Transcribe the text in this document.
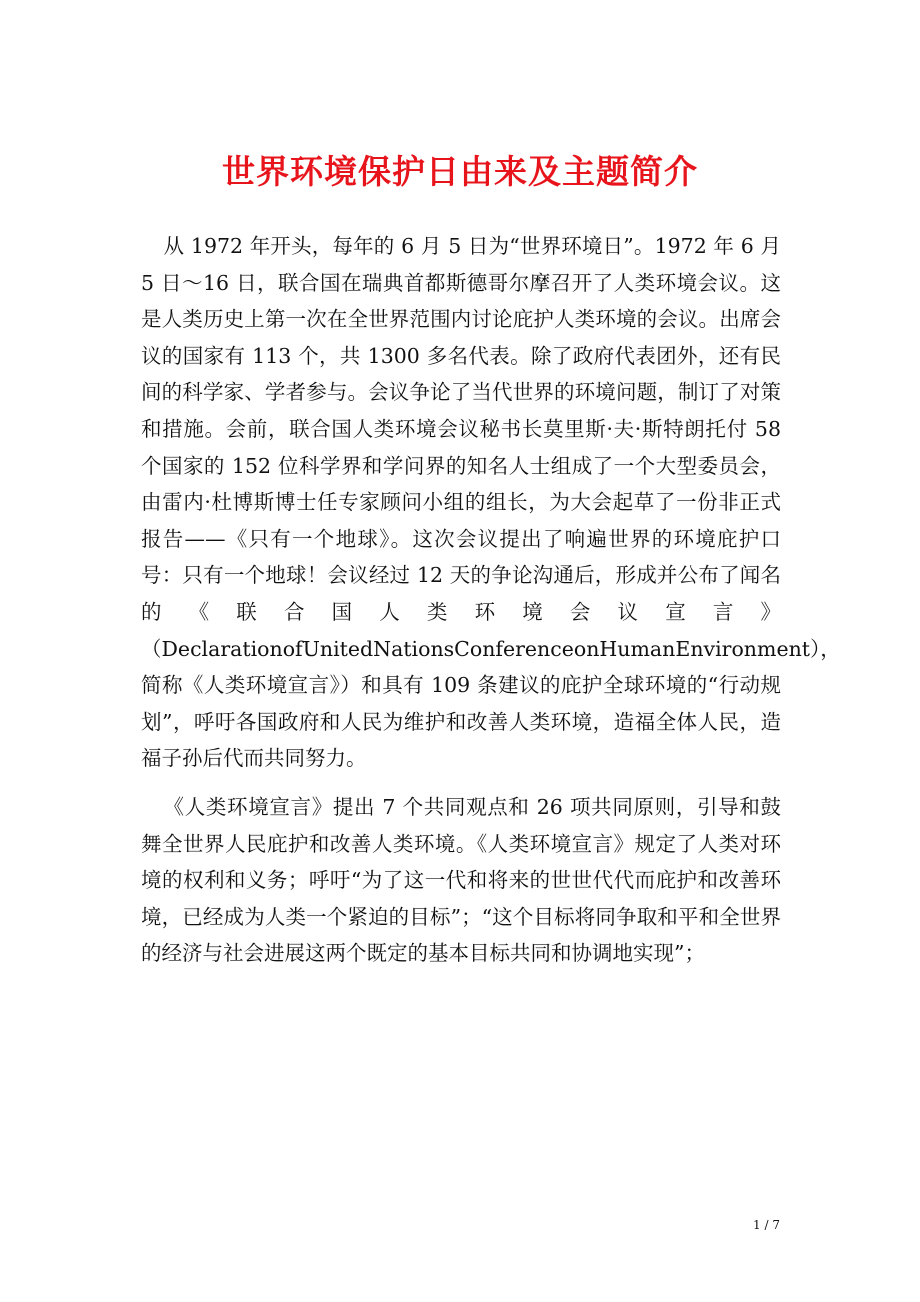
世界环境保护日由来及主题简介

从 1972 年开头，每年的 6 月 5 日为“世界环境日”。1972 年 6 月 5 日～16 日，联合国在瑞典首都斯德哥尔摩召开了人类环境会议。这是人类历史上第一次在全世界范围内讨论庇护人类环境的会议。出席会议的国家有 113 个，共 1300 多名代表。除了政府代表团外，还有民间的科学家、学者参与。会议争论了当代世界的环境问题，制订了对策和措施。会前，联合国人类环境会议秘书长莫里斯·夫·斯特朗托付 58 个国家的 152 位科学界和学问界的知名人士组成了一个大型委员会，由雷内·杜博斯博士任专家顾问小组的组长，为大会起草了一份非正式报告——《只有一个地球》。这次会议提出了响遍世界的环境庇护口号：只有一个地球！会议经过 12 天的争论沟通后，形成并公布了闻名的《联合国人类环境会议宣言》（DeclarationofUnitedNationsConferenceonHumanEnvironment），简称《人类环境宣言》）和具有 109 条建议的庇护全球环境的“行动规划”，呼吁各国政府和人民为维护和改善人类环境，造福全体人民，造福子孙后代而共同努力。

《人类环境宣言》提出 7 个共同观点和 26 项共同原则，引导和鼓舞全世界人民庇护和改善人类环境。《人类环境宣言》规定了人类对环境的权利和义务；呼吁“为了这一代和将来的世世代代而庇护和改善环境，已经成为人类一个紧迫的目标”；“这个目标将同争取和平和全世界的经济与社会进展这两个既定的基本目标共同和协调地实现”；

1 / 7
